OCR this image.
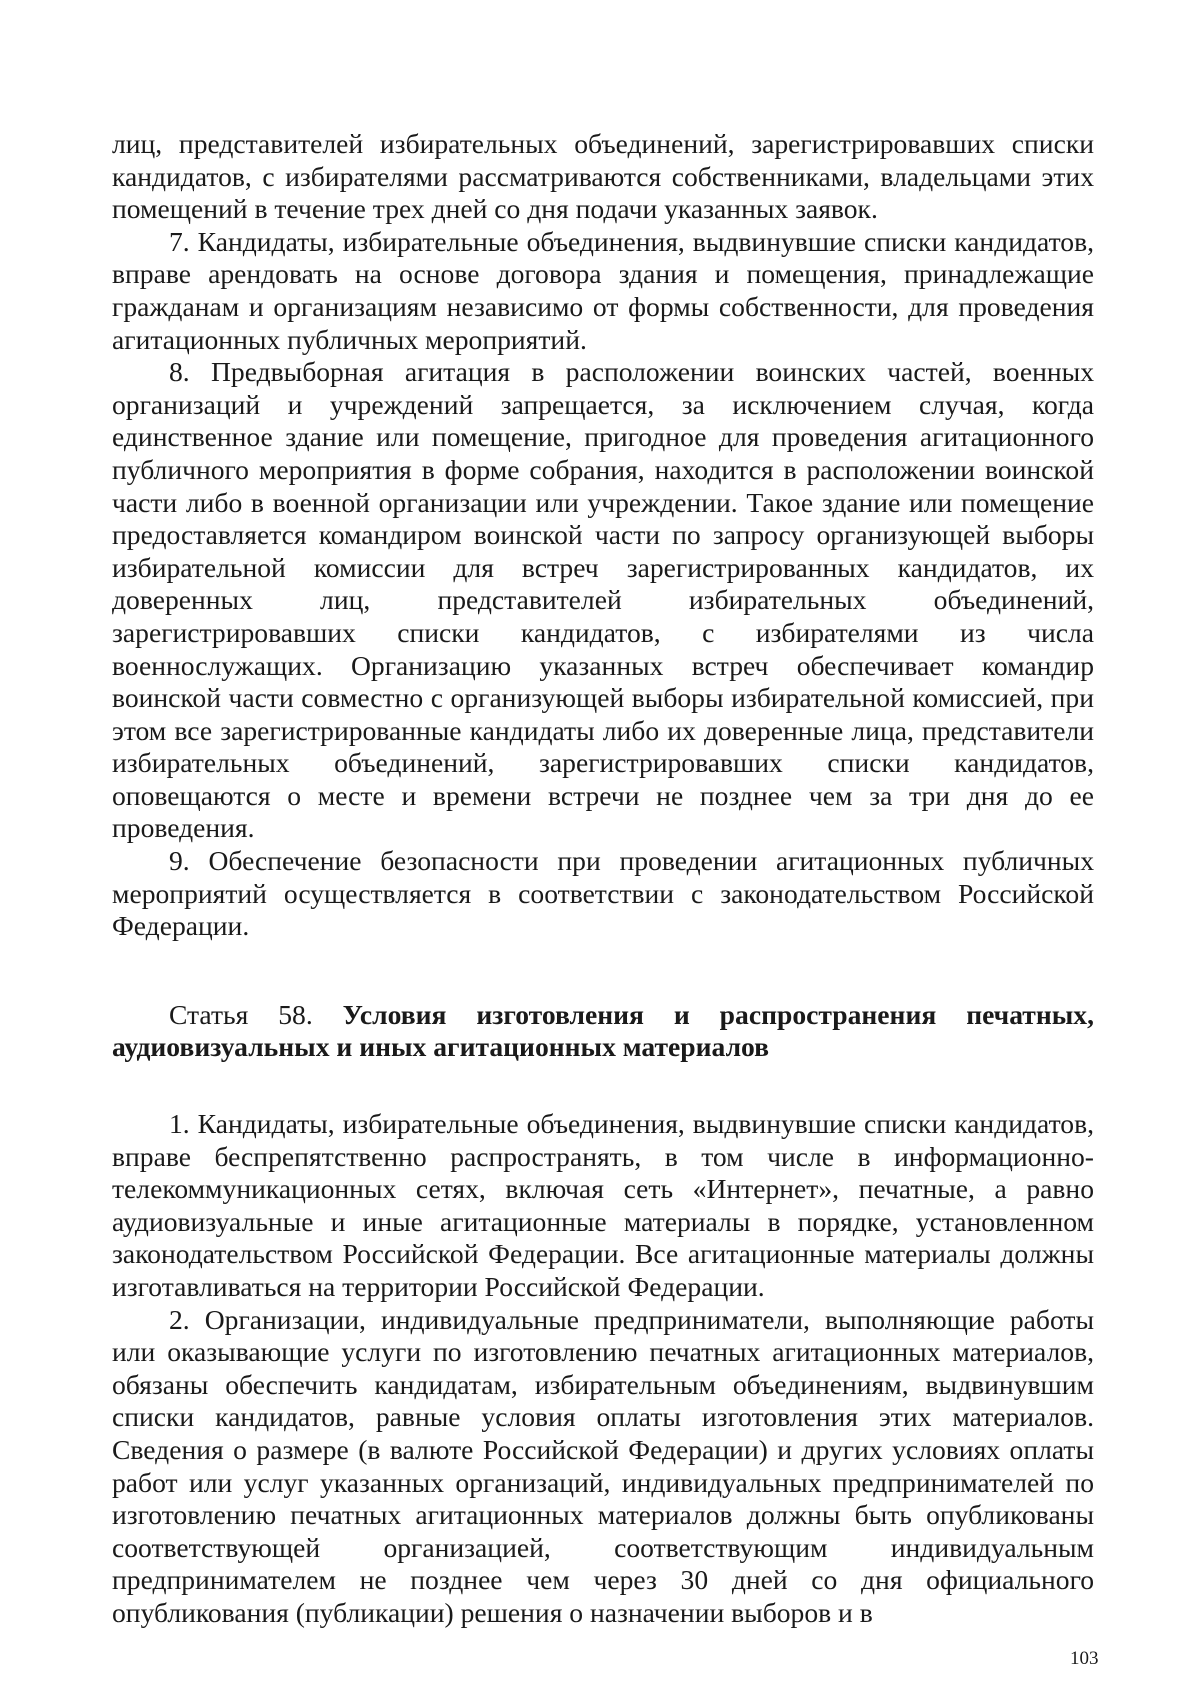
лиц, представителей избирательных объединений, зарегистрировавших списки кандидатов, с избирателями рассматриваются собственниками, владельцами этих помещений в течение трех дней со дня подачи указанных заявок.

7. Кандидаты, избирательные объединения, выдвинувшие списки кандидатов, вправе арендовать на основе договора здания и помещения, принадлежащие гражданам и организациям независимо от формы собственности, для проведения агитационных публичных мероприятий.

8. Предвыборная агитация в расположении воинских частей, военных организаций и учреждений запрещается, за исключением случая, когда единственное здание или помещение, пригодное для проведения агитационного публичного мероприятия в форме собрания, находится в расположении воинской части либо в военной организации или учреждении. Такое здание или помещение предоставляется командиром воинской части по запросу организующей выборы избирательной комиссии для встреч зарегистрированных кандидатов, их доверенных лиц, представителей избирательных объединений, зарегистрировавших списки кандидатов, с избирателями из числа военнослужащих. Организацию указанных встреч обеспечивает командир воинской части совместно с организующей выборы избирательной комиссией, при этом все зарегистрированные кандидаты либо их доверенные лица, представители избирательных объединений, зарегистрировавших списки кандидатов, оповещаются о месте и времени встречи не позднее чем за три дня до ее проведения.

9. Обеспечение безопасности при проведении агитационных публичных мероприятий осуществляется в соответствии с законодательством Российской Федерации.

Статья 58. Условия изготовления и распространения печатных, аудиовизуальных и иных агитационных материалов

1. Кандидаты, избирательные объединения, выдвинувшие списки кандидатов, вправе беспрепятственно распространять, в том числе в информационно-телекоммуникационных сетях, включая сеть «Интернет», печатные, а равно аудиовизуальные и иные агитационные материалы в порядке, установленном законодательством Российской Федерации. Все агитационные материалы должны изготавливаться на территории Российской Федерации.

2. Организации, индивидуальные предприниматели, выполняющие работы или оказывающие услуги по изготовлению печатных агитационных материалов, обязаны обеспечить кандидатам, избирательным объединениям, выдвинувшим списки кандидатов, равные условия оплаты изготовления этих материалов. Сведения о размере (в валюте Российской Федерации) и других условиях оплаты работ или услуг указанных организаций, индивидуальных предпринимателей по изготовлению печатных агитационных материалов должны быть опубликованы соответствующей организацией, соответствующим индивидуальным предпринимателем не позднее чем через 30 дней со дня официального опубликования (публикации) решения о назначении выборов и в

103
